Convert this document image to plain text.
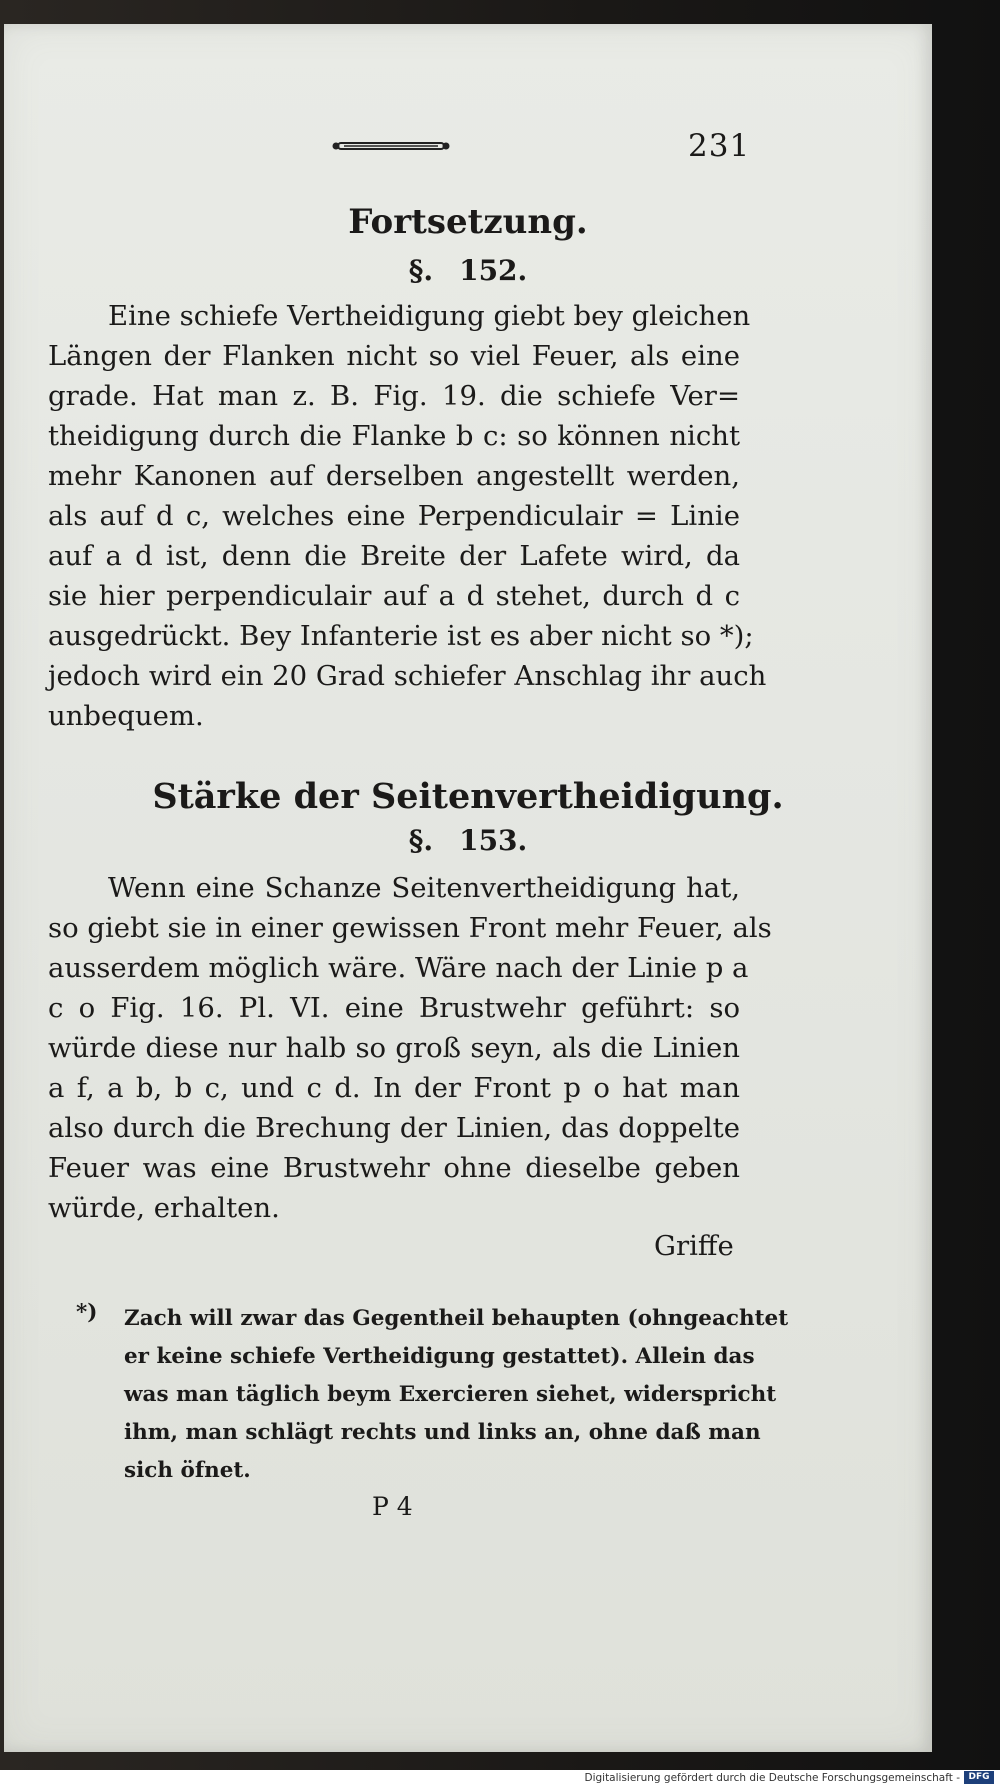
231
Fortsetzung.
§. 152.
Eine schiefe Vertheidigung giebt bey gleichen
Längen der Flanken nicht so viel Feuer, als eine
grade. Hat man z. B. Fig. 19. die schiefe Ver=
theidigung durch die Flanke b c: so können nicht
mehr Kanonen auf derselben angestellt werden,
als auf d c, welches eine Perpendiculair = Linie
auf a d ist, denn die Breite der Lafete wird, da
sie hier perpendiculair auf a d stehet, durch d c
ausgedrückt. Bey Infanterie ist es aber nicht so *);
jedoch wird ein 20 Grad schiefer Anschlag ihr auch
unbequem.
Stärke der Seitenvertheidigung.
§. 153.
Wenn eine Schanze Seitenvertheidigung hat,
so giebt sie in einer gewissen Front mehr Feuer, als
ausserdem möglich wäre. Wäre nach der Linie p a
c o Fig. 16. Pl. VI. eine Brustwehr geführt: so
würde diese nur halb so groß seyn, als die Linien
a f, a b, b c, und c d. In der Front p o hat man
also durch die Brechung der Linien, das doppelte
Feuer was eine Brustwehr ohne dieselbe geben
würde, erhalten.
Griffe
*) Zach will zwar das Gegentheil behaupten (ohngeachtet
er keine schiefe Vertheidigung gestattet). Allein das
was man täglich beym Exercieren siehet, widerspricht
ihm, man schlägt rechts und links an, ohne daß man
sich öfnet.
P 4
Digitalisierung gefördert durch die Deutsche Forschungsgemeinschaft - DFG
